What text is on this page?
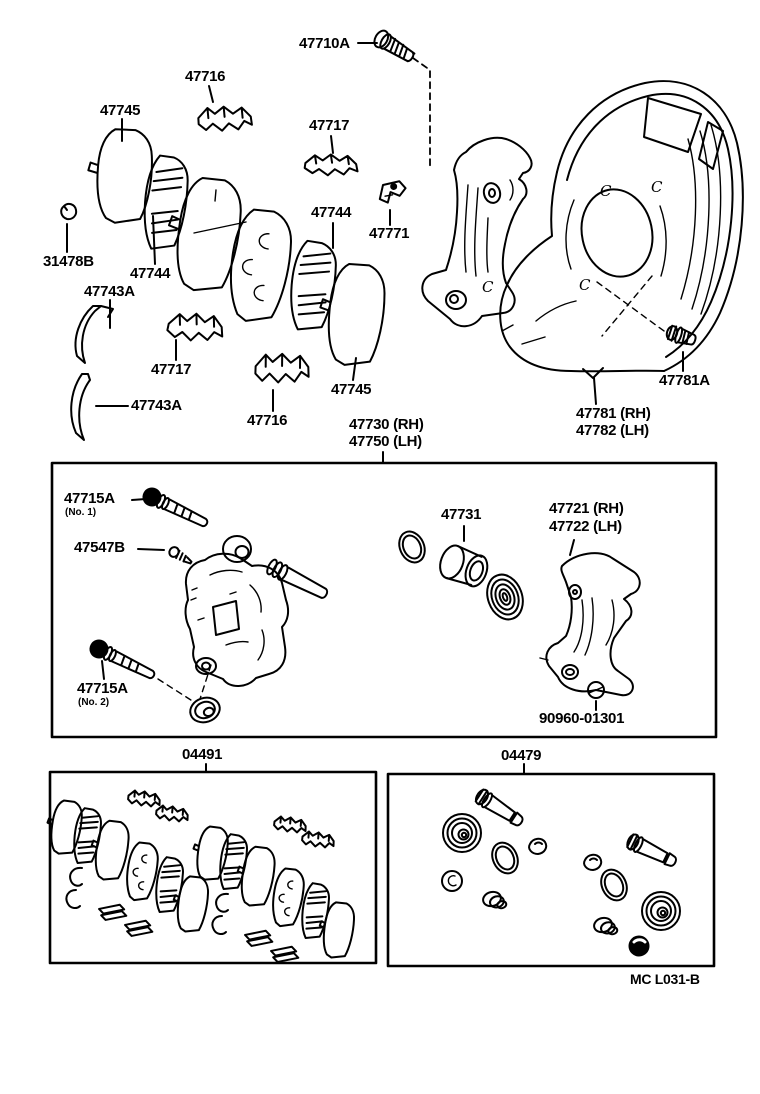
C
C	C
C
47710A
47716
47745
47717
47744
47771
31478B
47744
47743A
47717
47743A
47716
47745
47730 (RH)
47750 (LH)
47781A
47781 (RH)
47782 (LH)
47715A
(No. 1)
47547B
47715A
(No. 2)
47731	47721 (RH)
47722 (LH)
90960-01301
04491	04479
MC L031-B
